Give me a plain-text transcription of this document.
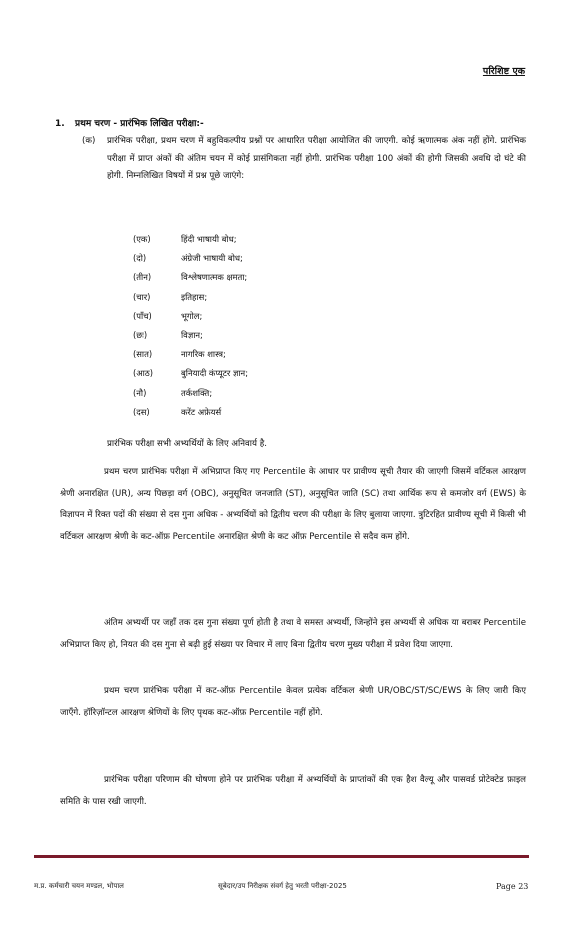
परिशिष्ट एक
1. प्रथम चरण - प्रारंभिक लिखित परीक्षा:-
(क)	प्रारंभिक परीक्षा, प्रथम चरण में बहुविकल्पीय प्रश्नों पर आधारित परीक्षा आयोजित की जाएगी. कोई ऋणात्मक अंक नहीं होंगे. प्रारंभिक परीक्षा में प्राप्त अंकों की अंतिम चयन में कोई प्रासंगिकता नहीं होगी. प्रारंभिक परीक्षा 100 अंकों की होगी जिसकी अवधि दो घंटे की होगी. निम्नलिखित विषयों में प्रश्न पूछे जाएंगे:
(एक)	हिंदी भाषायी बोध;
(दो)	अंग्रेजी भाषायी बोध;
(तीन)	विश्लेषणात्मक क्षमता;
(चार)	इतिहास;
(पाँच)	भूगोल;
(छः)	विज्ञान;
(सात)	नागरिक शास्त्र;
(आठ)	बुनियादी कंप्यूटर ज्ञान;
(नौ)	तर्कशक्ति;
(दस)	करेंट अफ़ेयर्स
प्रारंभिक परीक्षा सभी अभ्यर्थियों के लिए अनिवार्य है.
प्रथम चरण प्रारंभिक परीक्षा में अभिप्राप्त किए गए Percentile के आधार पर प्रावीण्य सूची तैयार की जाएगी जिसमें वर्टिकल आरक्षण श्रेणी अनारक्षित (UR), अन्य पिछड़ा वर्ग (OBC), अनुसूचित जनजाति (ST), अनुसूचित जाति (SC) तथा आर्थिक रूप से कमजोर वर्ग (EWS) के विज्ञापन में रिक्त पदों की संख्या से दस गुना अधिक - अभ्यर्थियों को द्वितीय चरण की परीक्षा के लिए बुलाया जाएगा. त्रुटिरहित प्रावीण्य सूची में किसी भी वर्टिकल आरक्षण श्रेणी के कट-ऑफ़ Percentile अनारक्षित श्रेणी के कट ऑफ़ Percentile से सदैव कम होंगे.
अंतिम अभ्यर्थी पर जहाँ तक दस गुना संख्या पूर्ण होती है तथा वे समस्त अभ्यर्थी, जिन्होंने इस अभ्यर्थी से अधिक या बराबर Percentile अभिप्राप्त किए हो, नियत की दस गुना से बढ़ी हुई संख्या पर विचार में लाए बिना द्वितीय चरण मुख्य परीक्षा में प्रवेश दिया जाएगा.
प्रथम चरण प्रारंभिक परीक्षा में कट-ऑफ़ Percentile केवल प्रत्येक वर्टिकल श्रेणी UR/OBC/ST/SC/EWS के लिए जारी किए जाएँगे. हॉरिज़ॉन्टल आरक्षण श्रेणियों के लिए पृथक कट-ऑफ़ Percentile नहीं होंगे.
प्रारंभिक परीक्षा परिणाम की घोषणा होने पर प्रारंभिक परीक्षा में अभ्यर्थियों के प्राप्तांकों की एक हैश वैल्यू और पासवर्ड प्रोटेक्टेड फ़ाइल समिति के पास रखी जाएगी.
म.प्र. कर्मचारी चयन मण्डल, भोपाल	सूबेदार/उप निरीक्षक संवर्ग हेतु भरती परीक्षा-2025	Page 23
